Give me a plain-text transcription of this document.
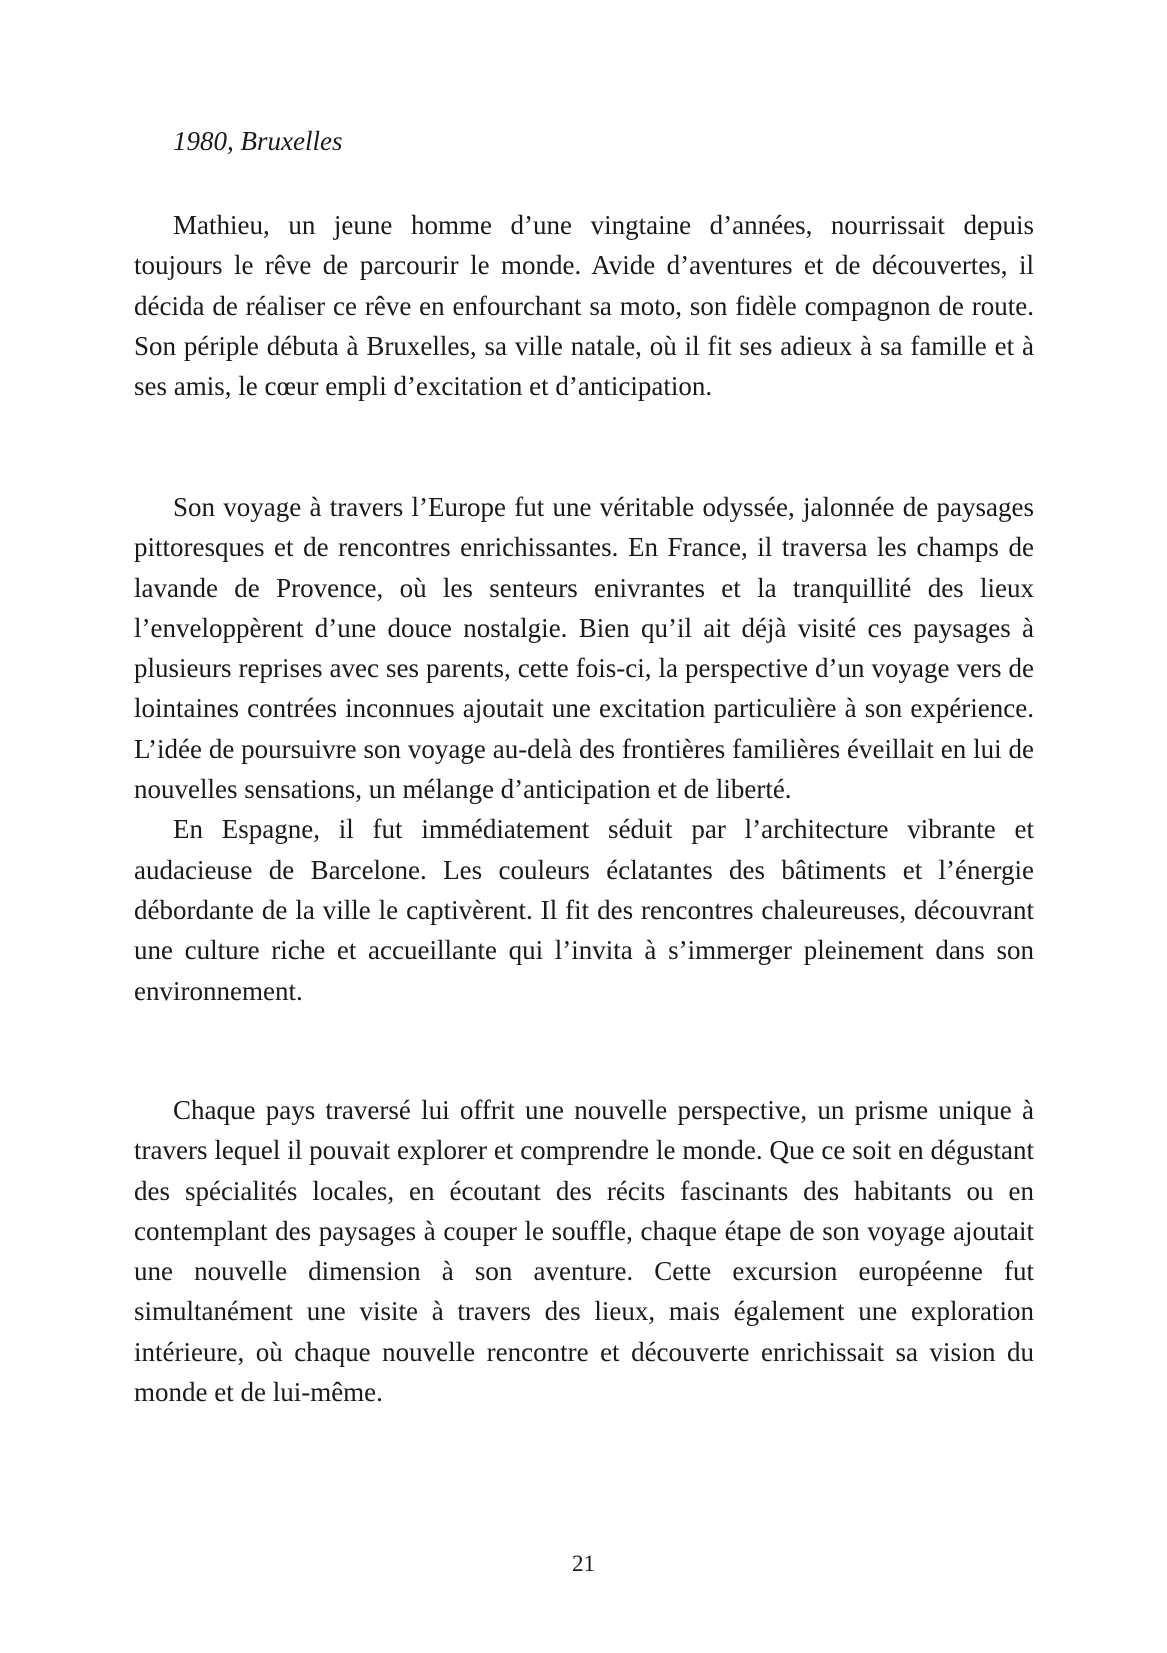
1980, Bruxelles

Mathieu, un jeune homme d’une vingtaine d’années, nourrissait depuis toujours le rêve de parcourir le monde. Avide d’aventures et de découvertes, il décida de réaliser ce rêve en enfourchant sa moto, son fidèle compagnon de route. Son périple débuta à Bruxelles, sa ville natale, où il fit ses adieux à sa famille et à ses amis, le cœur empli d’excitation et d’anticipation.

Son voyage à travers l’Europe fut une véritable odyssée, jalonnée de paysages pittoresques et de rencontres enrichissantes. En France, il traversa les champs de lavande de Provence, où les senteurs enivrantes et la tranquillité des lieux l’enveloppèrent d’une douce nostalgie. Bien qu’il ait déjà visité ces paysages à plusieurs reprises avec ses parents, cette fois-ci, la perspective d’un voyage vers de lointaines contrées inconnues ajoutait une excitation particulière à son expérience. L’idée de poursuivre son voyage au-delà des frontières familières éveillait en lui de nouvelles sensations, un mélange d’anticipation et de liberté.

En Espagne, il fut immédiatement séduit par l’architecture vibrante et audacieuse de Barcelone. Les couleurs éclatantes des bâtiments et l’énergie débordante de la ville le captivèrent. Il fit des rencontres chaleureuses, découvrant une culture riche et accueillante qui l’invita à s’immerger pleinement dans son environnement.

Chaque pays traversé lui offrit une nouvelle perspective, un prisme unique à travers lequel il pouvait explorer et comprendre le monde. Que ce soit en dégustant des spécialités locales, en écoutant des récits fascinants des habitants ou en contemplant des paysages à couper le souffle, chaque étape de son voyage ajoutait une nouvelle dimension à son aventure. Cette excursion européenne fut simultanément une visite à travers des lieux, mais également une exploration intérieure, où chaque nouvelle rencontre et découverte enrichissait sa vision du monde et de lui-même.

21
